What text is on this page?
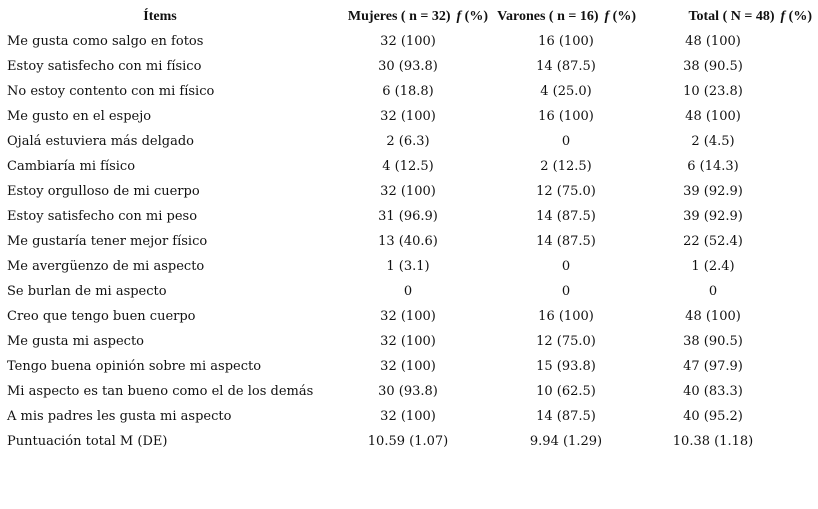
Ítems	Mujeres ( n = 32) f (%)	Varones ( n = 16) f (%)	Total ( N = 48) f (%)
Me gusta como salgo en fotos	32 (100)	16 (100)	48 (100)
Estoy satisfecho con mi físico	30 (93.8)	14 (87.5)	38 (90.5)
No estoy contento con mi físico	6 (18.8)	4 (25.0)	10 (23.8)
Me gusto en el espejo	32 (100)	16 (100)	48 (100)
Ojalá estuviera más delgado	2 (6.3)	0	2 (4.5)
Cambiaría mi físico	4 (12.5)	2 (12.5)	6 (14.3)
Estoy orgulloso de mi cuerpo	32 (100)	12 (75.0)	39 (92.9)
Estoy satisfecho con mi peso	31 (96.9)	14 (87.5)	39 (92.9)
Me gustaría tener mejor físico	13 (40.6)	14 (87.5)	22 (52.4)
Me avergüenzo de mi aspecto	1 (3.1)	0	1 (2.4)
Se burlan de mi aspecto	0	0	0
Creo que tengo buen cuerpo	32 (100)	16 (100)	48 (100)
Me gusta mi aspecto	32 (100)	12 (75.0)	38 (90.5)
Tengo buena opinión sobre mi aspecto	32 (100)	15 (93.8)	47 (97.9)
Mi aspecto es tan bueno como el de los demás	30 (93.8)	10 (62.5)	40 (83.3)
A mis padres les gusta mi aspecto	32 (100)	14 (87.5)	40 (95.2)
Puntuación total M (DE)	10.59 (1.07)	9.94 (1.29)	10.38 (1.18)
